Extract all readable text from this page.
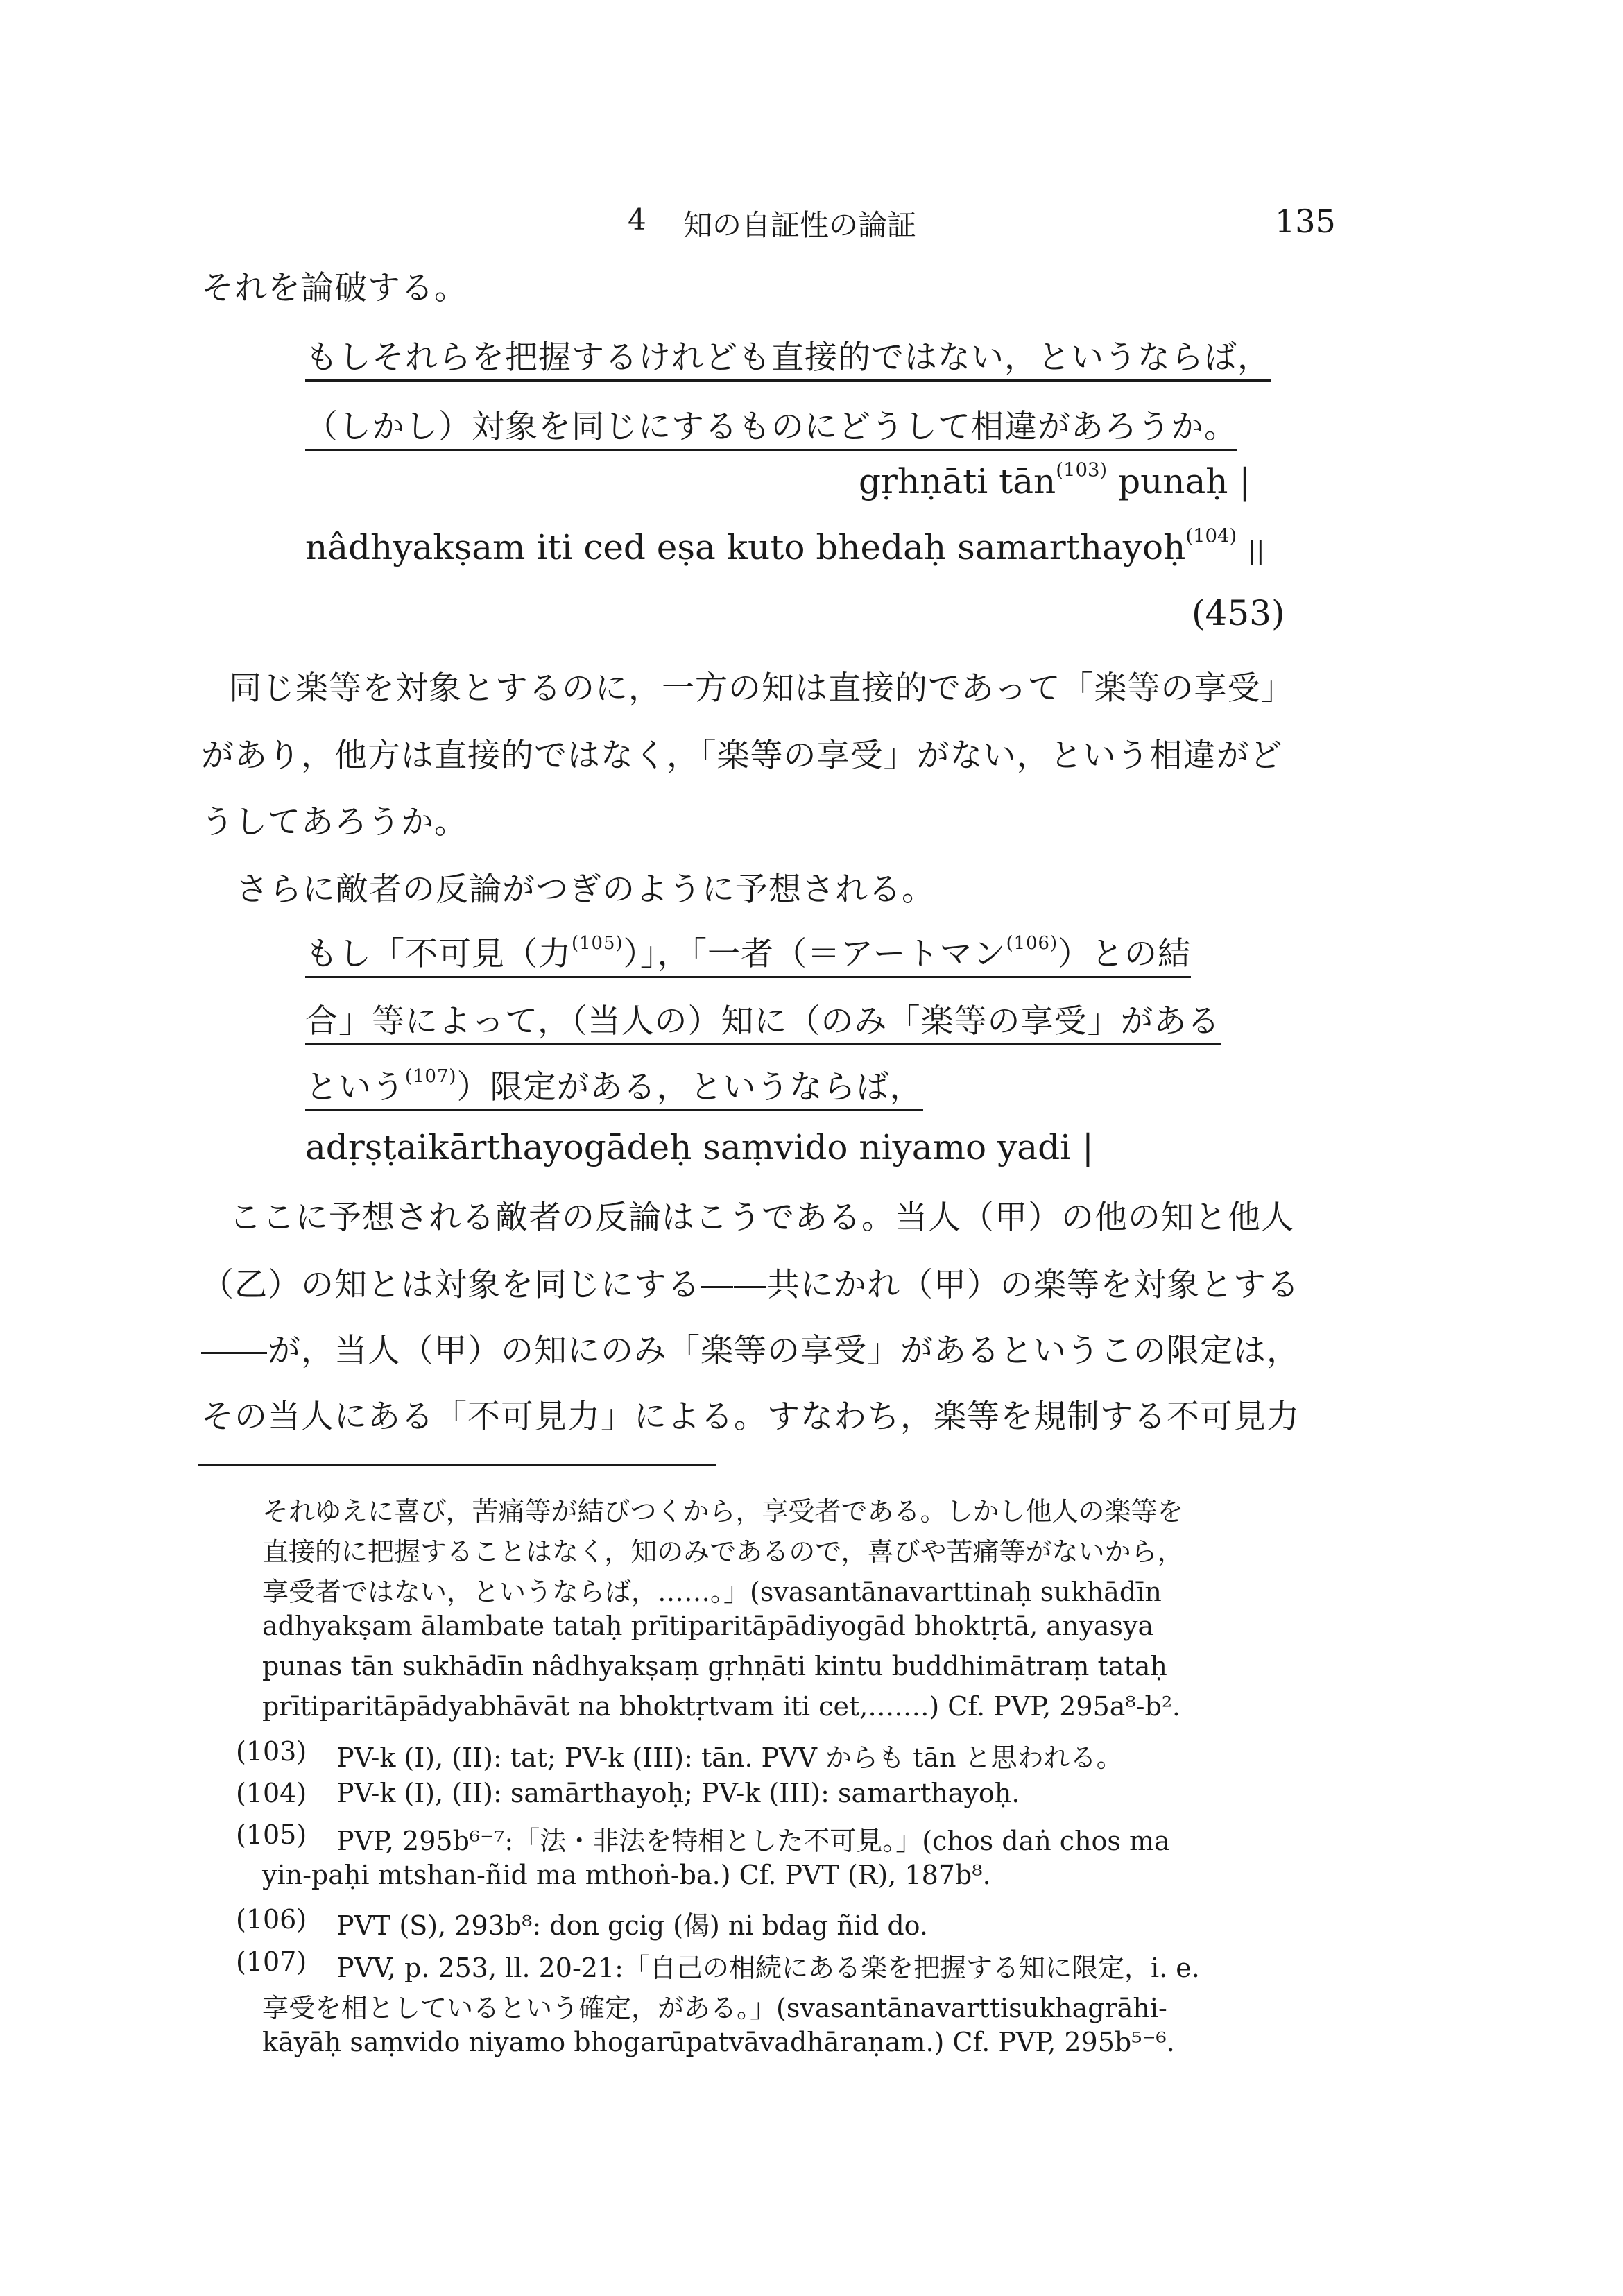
4 知の自証性の論証	135
それを論破する。
もしそれらを把握するけれども直接的ではない，というならば，
（しかし）対象を同じにするものにどうして相違があろうか。
gṛhṇāti tān$^{(103)}$ punaḥ |
nâdhyakṣam iti ced eṣa kuto bhedaḥ samarthayoḥ$^{(104)}$ ||
(453)
同じ楽等を対象とするのに，一方の知は直接的であって「楽等の享受」
があり，他方は直接的ではなく，「楽等の享受」がない，という相違がど
うしてあろうか。
さらに敵者の反論がつぎのように予想される。
もし「不可見（力$^{(105)}$）」，「一者（＝アートマン$^{(106)}$）との結
合」等によって，（当人の）知に（のみ「楽等の享受」がある
という$^{(107)}$）限定がある，というならば，
adṛṣṭaikārthayogādeḥ saṃvido niyamo yadi |
ここに予想される敵者の反論はこうである。当人（甲）の他の知と他人
（乙）の知とは対象を同じにする――共にかれ（甲）の楽等を対象とする
――が，当人（甲）の知にのみ「楽等の享受」があるというこの限定は，
その当人にある「不可見力」による。すなわち，楽等を規制する不可見力
それゆえに喜び，苦痛等が結びつくから，享受者である。しかし他人の楽等を
直接的に把握することはなく，知のみであるので，喜びや苦痛等がないから，
享受者ではない，というならば，……。」(svasantānavarttinaḥ sukhādīn
adhyakṣam ālambate tataḥ prītiparitāpādiyogād bhoktṛtā, anyasya
punas tān sukhādīn nâdhyakṣaṃ gṛhṇāti kintu buddhimātraṃ tataḥ
prītiparitāpādyabhāvāt na bhoktṛtvam iti cet,…….) Cf. PVP, 295a⁸-b².
(103) PV-k (I), (II): tat; PV-k (III): tān. PVV からも tān と思われる。
(104) PV-k (I), (II): samārthayoḥ; PV-k (III): samarthayoḥ.
(105) PVP, 295b⁶⁻⁷:「法・非法を特相とした不可見。」(chos daṅ chos ma
yin-paḥi mtshan-ñid ma mthoṅ-ba.) Cf. PVT (R), 187b⁸.
(106) PVT (S), 293b⁸: don gcig (偈) ni bdag ñid do.
(107) PVV, p. 253, ll. 20-21:「自己の相続にある楽を把握する知に限定，i. e.
享受を相としているという確定，がある。」(svasantānavarttisukhagrāhi-
kāyāḥ saṃvido niyamo bhogarūpatvāvadhāraṇam.) Cf. PVP, 295b⁵⁻⁶.
